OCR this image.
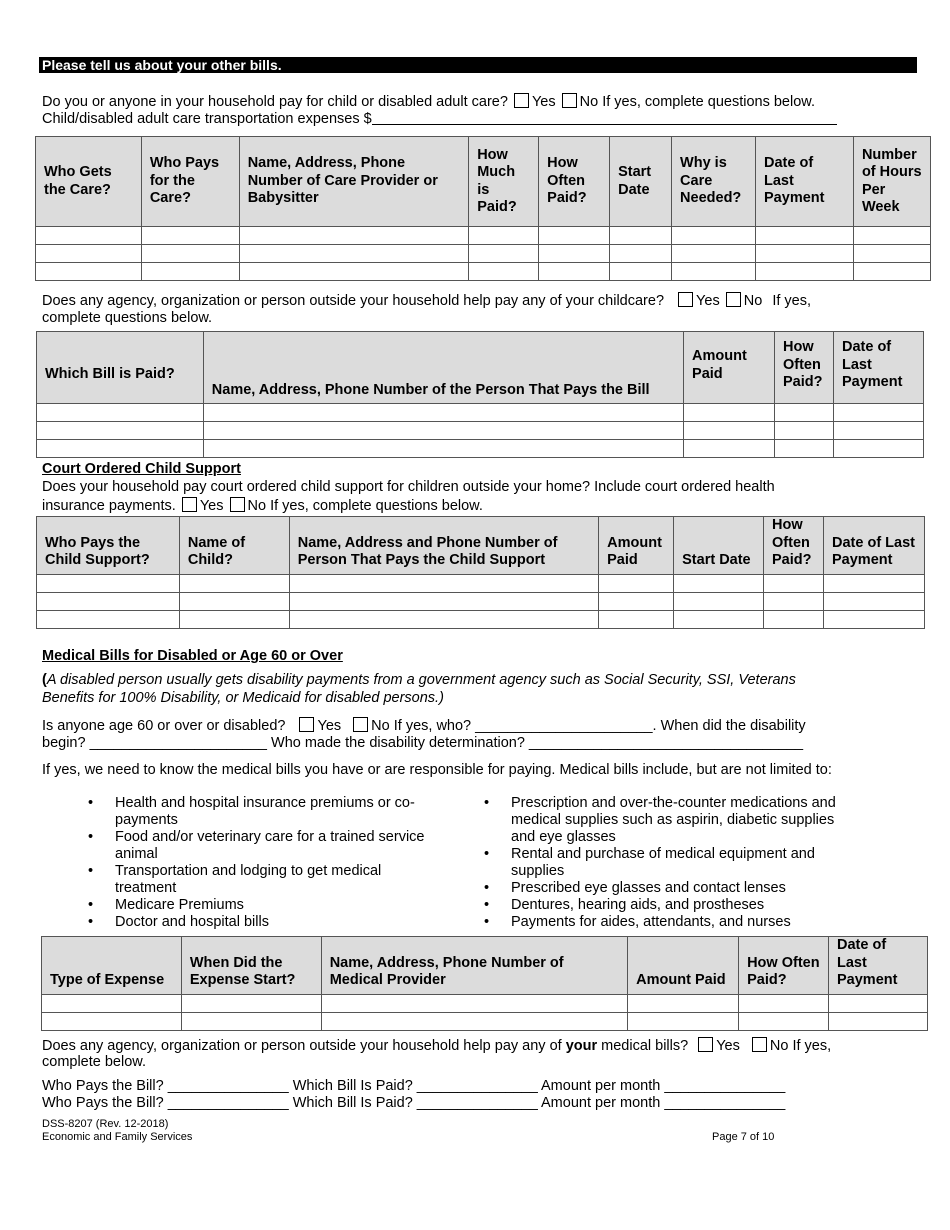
Please tell us about your other bills.
Do you or anyone in your household pay for child or disabled adult care? Yes No If yes, complete questions below.
Child/disabled adult care transportation expenses $
Who Gets the Care?	Who Pays for the Care?	Name, Address, Phone Number of Care Provider or Babysitter	How Much is Paid?	How Often Paid?	Start Date	Why is Care Needed?	Date of Last Payment	Number of Hours Per Week

Does any agency, organization or person outside your household help pay any of your childcare? Yes No If yes,
complete questions below.
Which Bill is Paid?	Name, Address, Phone Number of the Person That Pays the Bill	Amount Paid	How Often Paid?	Date of Last Payment

Court Ordered Child Support
Does your household pay court ordered child support for children outside your home? Include court ordered health
insurance payments. Yes No If yes, complete questions below.
Who Pays the Child Support?	Name of Child?	Name, Address and Phone Number of Person That Pays the Child Support	Amount Paid	Start Date	How Often Paid?	Date of Last Payment

Medical Bills for Disabled or Age 60 or Over
(A disabled person usually gets disability payments from a government agency such as Social Security, SSI, Veterans
Benefits for 100% Disability, or Medicaid for disabled persons.)
Is anyone age 60 or over or disabled? Yes No If yes, who? ______________________. When did the disability
begin? ______________________ Who made the disability determination? __________________________________
If yes, we need to know the medical bills you have or are responsible for paying. Medical bills include, but are not limited to:
• Health and hospital insurance premiums or co-payments
• Food and/or veterinary care for a trained service animal
• Transportation and lodging to get medical treatment
• Medicare Premiums
• Doctor and hospital bills
• Prescription and over-the-counter medications and medical supplies such as aspirin, diabetic supplies and eye glasses
• Rental and purchase of medical equipment and supplies
• Prescribed eye glasses and contact lenses
• Dentures, hearing aids, and prostheses
• Payments for aides, attendants, and nurses
Type of Expense	When Did the Expense Start?	Name, Address, Phone Number of Medical Provider	Amount Paid	How Often Paid?	Date of Last Payment

Does any agency, organization or person outside your household help pay any of your medical bills? Yes No If yes,
complete below.
Who Pays the Bill? _______________ Which Bill Is Paid? _______________ Amount per month _______________
Who Pays the Bill? _______________ Which Bill Is Paid? _______________ Amount per month _______________
DSS-8207 (Rev. 12-2018)
Economic and Family Services	Page 7 of 10
